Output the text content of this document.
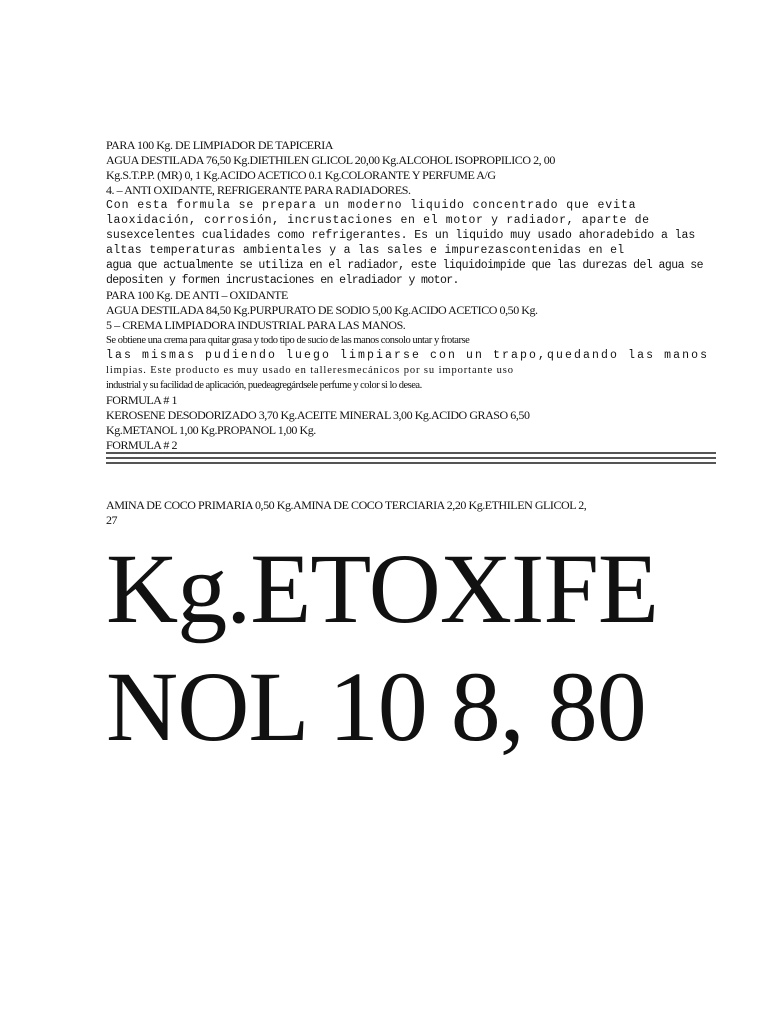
PARA 100 Kg. DE LIMPIADOR DE TAPICERIA
AGUA DESTILADA 76,50 Kg.DIETHILEN GLICOL 20,00 Kg.ALCOHOL ISOPROPILICO 2, 00
Kg.S.T.P.P. (MR) 0, 1 Kg.ACIDO ACETICO 0.1 Kg.COLORANTE Y PERFUME A/G
4. – ANTI OXIDANTE, REFRIGERANTE PARA RADIADORES.
Con esta formula se prepara un moderno liquido concentrado que evita
laoxidación, corrosión, incrustaciones en el motor y radiador, aparte de
susexcelentes cualidades como refrigerantes. Es un liquido muy usado ahoradebido a las
altas temperaturas ambientales y a las sales e impurezascontenidas en el
agua que actualmente se utiliza en el radiador, este liquidoimpide que las durezas del agua se
depositen y formen incrustaciones en elradiador y motor.
PARA 100 Kg. DE ANTI – OXIDANTE
AGUA DESTILADA 84,50 Kg.PURPURATO DE SODIO 5,00 Kg.ACIDO ACETICO 0,50 Kg.
5 – CREMA LIMPIADORA INDUSTRIAL PARA LAS MANOS.
Se obtiene una crema para quitar grasa y todo tipo de sucio de las manos consolo untar y frotarse
las mismas pudiendo luego limpiarse con un trapo,quedando las manos
limpias. Este producto es muy usado en talleresmecánicos por su importante uso
industrial y su facilidad de aplicación, puedeagregárdsele perfume y color si lo desea.
FORMULA # 1
KEROSENE DESODORIZADO 3,70 Kg.ACEITE MINERAL 3,00 Kg.ACIDO GRASO 6,50
Kg.METANOL 1,00 Kg.PROPANOL 1,00 Kg.
FORMULA # 2
AMINA DE COCO PRIMARIA 0,50 Kg.AMINA DE COCO TERCIARIA 2,20 Kg.ETHILEN GLICOL 2,
27
Kg.ETOXIFE
NOL 10 8, 80
